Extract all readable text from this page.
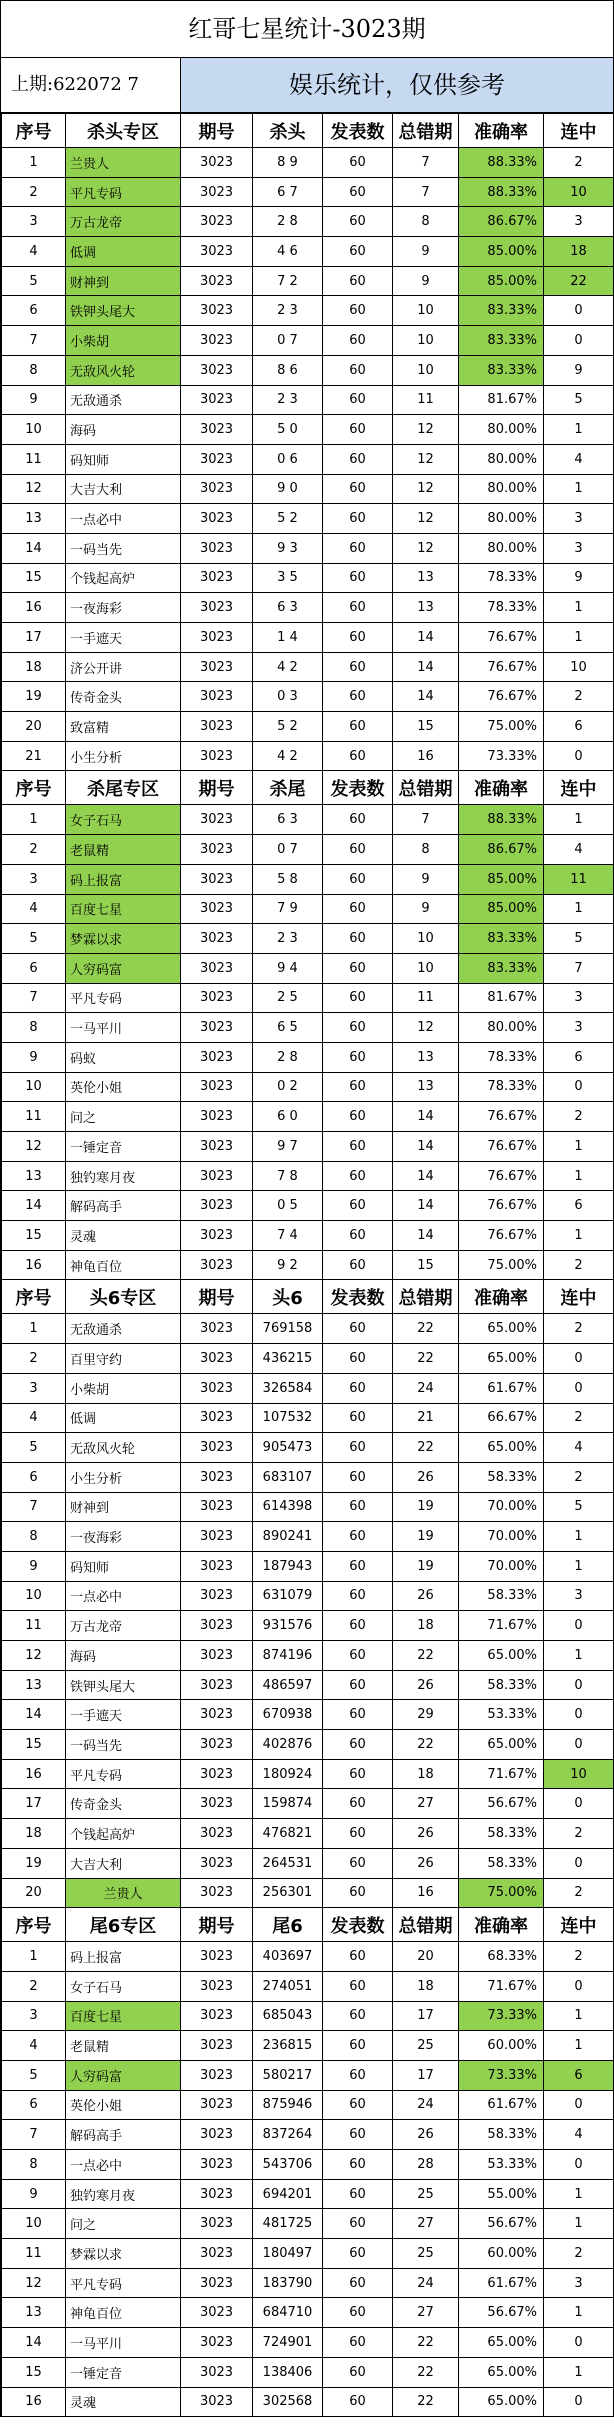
红哥七星统计-3023期
上期:622072 7	娱乐统计，仅供参考
序号	杀头专区	期号	杀头	发表数	总错期	准确率	连中
1	兰贵人	3023	8 9	60	7	88.33%	2
2	平凡专码	3023	6 7	60	7	88.33%	10
3	万古龙帝	3023	2 8	60	8	86.67%	3
4	低调	3023	4 6	60	9	85.00%	18
5	财神到	3023	7 2	60	9	85.00%	22
6	铁钾头尾大	3023	2 3	60	10	83.33%	0
7	小柴胡	3023	0 7	60	10	83.33%	0
8	无敌风火轮	3023	8 6	60	10	83.33%	9
9	无敌通杀	3023	2 3	60	11	81.67%	5
10	海码	3023	5 0	60	12	80.00%	1
11	码知师	3023	0 6	60	12	80.00%	4
12	大吉大利	3023	9 0	60	12	80.00%	1
13	一点必中	3023	5 2	60	12	80.00%	3
14	一码当先	3023	9 3	60	12	80.00%	3
15	个钱起高炉	3023	3 5	60	13	78.33%	9
16	一夜海彩	3023	6 3	60	13	78.33%	1
17	一手遮天	3023	1 4	60	14	76.67%	1
18	济公开讲	3023	4 2	60	14	76.67%	10
19	传奇金头	3023	0 3	60	14	76.67%	2
20	致富精	3023	5 2	60	15	75.00%	6
21	小生分析	3023	4 2	60	16	73.33%	0
序号	杀尾专区	期号	杀尾	发表数	总错期	准确率	连中
1	女子石马	3023	6 3	60	7	88.33%	1
2	老鼠精	3023	0 7	60	8	86.67%	4
3	码上报富	3023	5 8	60	9	85.00%	11
4	百度七星	3023	7 9	60	9	85.00%	1
5	梦霖以求	3023	2 3	60	10	83.33%	5
6	人穷码富	3023	9 4	60	10	83.33%	7
7	平凡专码	3023	2 5	60	11	81.67%	3
8	一马平川	3023	6 5	60	12	80.00%	3
9	码蚁	3023	2 8	60	13	78.33%	6
10	英伦小姐	3023	0 2	60	13	78.33%	0
11	问之	3023	6 0	60	14	76.67%	2
12	一锤定音	3023	9 7	60	14	76.67%	1
13	独钓寒月夜	3023	7 8	60	14	76.67%	1
14	解码高手	3023	0 5	60	14	76.67%	6
15	灵魂	3023	7 4	60	14	76.67%	1
16	神龟百位	3023	9 2	60	15	75.00%	2
序号	头6专区	期号	头6	发表数	总错期	准确率	连中
1	无敌通杀	3023	769158	60	22	65.00%	2
2	百里守约	3023	436215	60	22	65.00%	0
3	小柴胡	3023	326584	60	24	61.67%	0
4	低调	3023	107532	60	21	66.67%	2
5	无敌风火轮	3023	905473	60	22	65.00%	4
6	小生分析	3023	683107	60	26	58.33%	2
7	财神到	3023	614398	60	19	70.00%	5
8	一夜海彩	3023	890241	60	19	70.00%	1
9	码知师	3023	187943	60	19	70.00%	1
10	一点必中	3023	631079	60	26	58.33%	3
11	万古龙帝	3023	931576	60	18	71.67%	0
12	海码	3023	874196	60	22	65.00%	1
13	铁钾头尾大	3023	486597	60	26	58.33%	0
14	一手遮天	3023	670938	60	29	53.33%	0
15	一码当先	3023	402876	60	22	65.00%	0
16	平凡专码	3023	180924	60	18	71.67%	10
17	传奇金头	3023	159874	60	27	56.67%	0
18	个钱起高炉	3023	476821	60	26	58.33%	2
19	大吉大利	3023	264531	60	26	58.33%	0
20	兰贵人	3023	256301	60	16	75.00%	2
序号	尾6专区	期号	尾6	发表数	总错期	准确率	连中
1	码上报富	3023	403697	60	20	68.33%	2
2	女子石马	3023	274051	60	18	71.67%	0
3	百度七星	3023	685043	60	17	73.33%	1
4	老鼠精	3023	236815	60	25	60.00%	1
5	人穷码富	3023	580217	60	17	73.33%	6
6	英伦小姐	3023	875946	60	24	61.67%	0
7	解码高手	3023	837264	60	26	58.33%	4
8	一点必中	3023	543706	60	28	53.33%	0
9	独钓寒月夜	3023	694201	60	25	55.00%	1
10	问之	3023	481725	60	27	56.67%	1
11	梦霖以求	3023	180497	60	25	60.00%	2
12	平凡专码	3023	183790	60	24	61.67%	3
13	神龟百位	3023	684710	60	27	56.67%	1
14	一马平川	3023	724901	60	22	65.00%	0
15	一锤定音	3023	138406	60	22	65.00%	1
16	灵魂	3023	302568	60	22	65.00%	0
